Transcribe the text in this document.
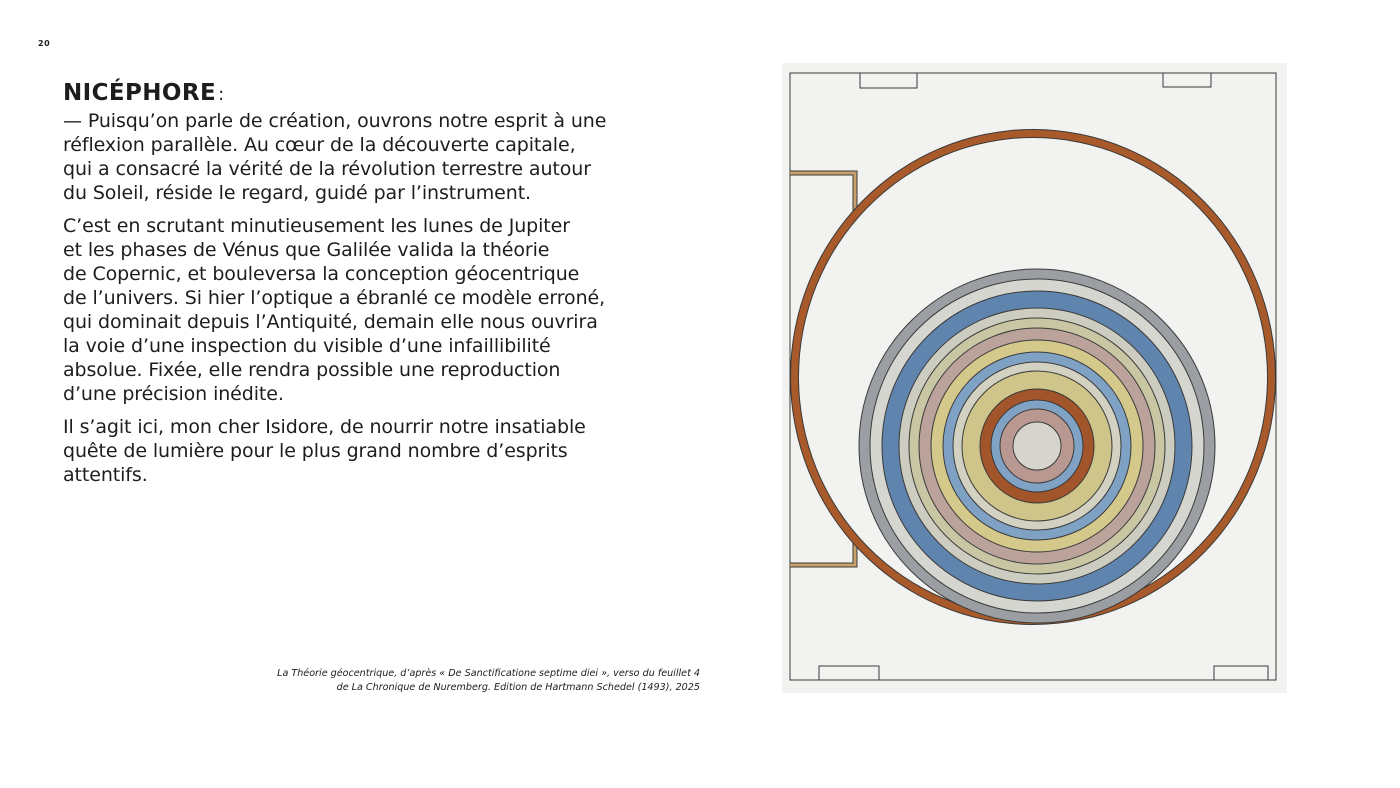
20
NICÉPHORE :

— Puisqu’on parle de création, ouvrons notre esprit à une
réflexion parallèle. Au cœur de la découverte capitale,
qui a consacré la vérité de la révolution terrestre autour
du Soleil, réside le regard, guidé par l’instrument.

C’est en scrutant minutieusement les lunes de Jupiter
et les phases de Vénus que Galilée valida la théorie
de Copernic, et bouleversa la conception géocentrique
de l’univers. Si hier l’optique a ébranlé ce modèle erroné,
qui dominait depuis l’Antiquité, demain elle nous ouvrira
la voie d’une inspection du visible d’une infaillibilité
absolue. Fixée, elle rendra possible une reproduction
d’une précision inédite.

Il s’agit ici, mon cher Isidore, de nourrir notre insatiable
quête de lumière pour le plus grand nombre d’esprits
attentifs.

La Théorie géocentrique, d’après « De Sanctificatione septime diei », verso du feuillet 4
de La Chronique de Nuremberg. Edition de Hartmann Schedel (1493), 2025
